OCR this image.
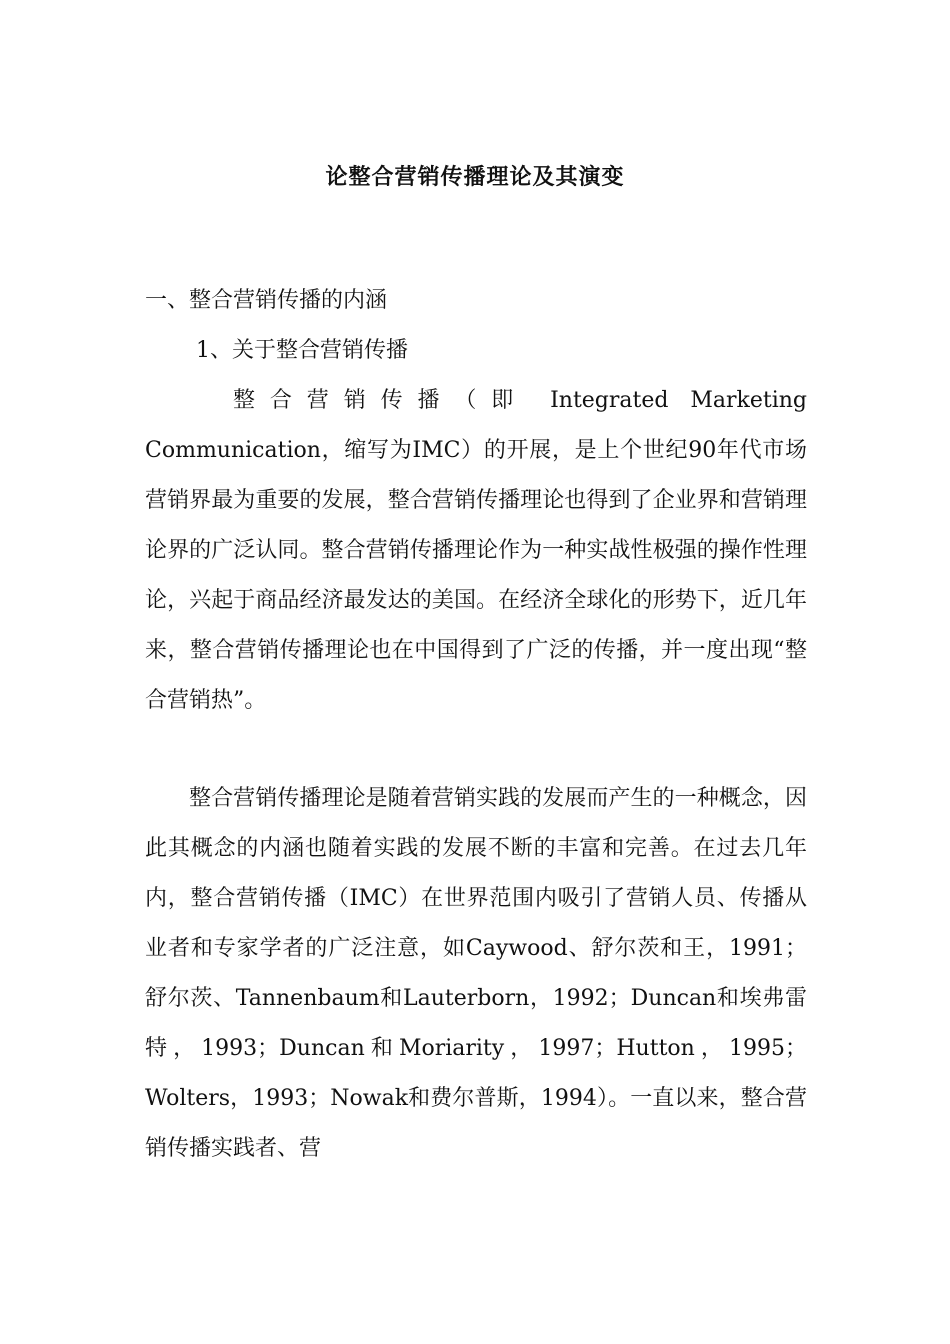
论整合营销传播理论及其演变
一、整合营销传播的内涵
1、关于整合营销传播

整合营销传播（即 Integrated Marketing Communication，缩写为IMC）的开展，是上个世纪90年代市场营销界最为重要的发展，整合营销传播理论也得到了企业界和营销理论界的广泛认同。整合营销传播理论作为一种实战性极强的操作性理论，兴起于商品经济最发达的美国。在经济全球化的形势下，近几年来，整合营销传播理论也在中国得到了广泛的传播，并一度出现“整合营销热”。

整合营销传播理论是随着营销实践的发展而产生的一种概念，因此其概念的内涵也随着实践的发展不断的丰富和完善。在过去几年内，整合营销传播（IMC）在世界范围内吸引了营销人员、传播从业者和专家学者的广泛注意，如Caywood、舒尔茨和王，1991；舒尔茨、Tannenbaum和Lauterborn，1992；Duncan和埃弗雷特，1993；Duncan和Moriarity，1997；Hutton，1995；Wolters，1993；Nowak和费尔普斯，1994）。一直以来，整合营销传播实践者、营
